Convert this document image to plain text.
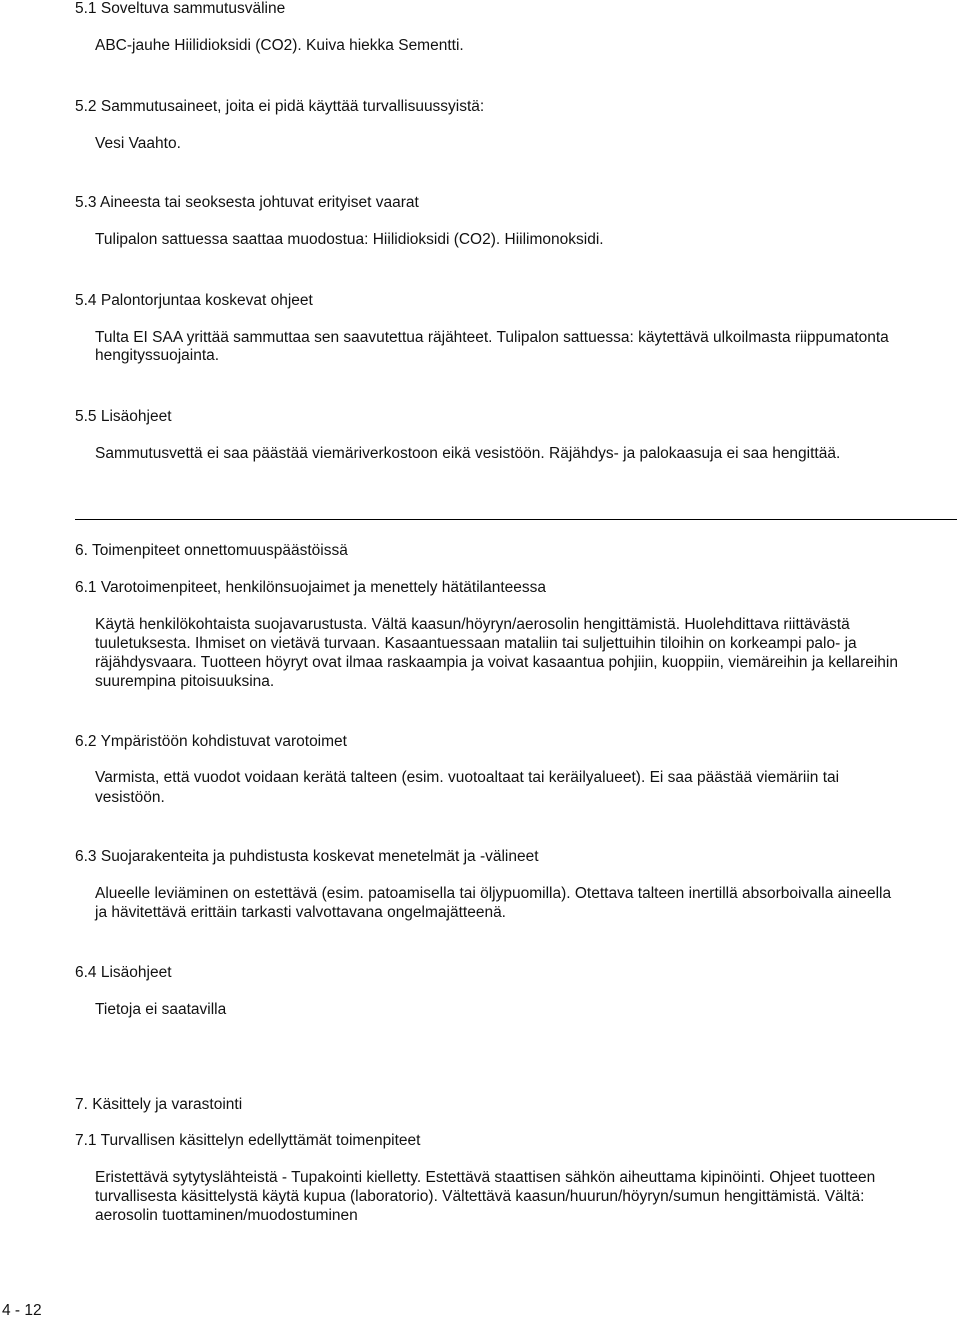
5.1 Soveltuva sammutusväline

ABC-jauhe Hiilidioksidi (CO2). Kuiva hiekka Sementti.

5.2 Sammutusaineet, joita ei pidä käyttää turvallisuussyistä:

Vesi Vaahto.

5.3 Aineesta tai seoksesta johtuvat erityiset vaarat

Tulipalon sattuessa saattaa muodostua: Hiilidioksidi (CO2). Hiilimonoksidi.

5.4 Palontorjuntaa koskevat ohjeet

Tulta EI SAA yrittää sammuttaa sen saavutettua räjähteet. Tulipalon sattuessa: käytettävä ulkoilmasta riippumatonta

hengityssuojainta.

5.5 Lisäohjeet

Sammutusvettä ei saa päästää viemäriverkostoon eikä vesistöön. Räjähdys- ja palokaasuja ei saa hengittää.

6. Toimenpiteet onnettomuuspäästöissä

6.1 Varotoimenpiteet, henkilönsuojaimet ja menettely hätätilanteessa

Käytä henkilökohtaista suojavarustusta. Vältä kaasun/höyryn/aerosolin hengittämistä. Huolehdittava riittävästä

tuuletuksesta. Ihmiset on vietävä turvaan. Kasaantuessaan mataliin tai suljettuihin tiloihin on korkeampi palo- ja

räjähdysvaara. Tuotteen höyryt ovat ilmaa raskaampia ja voivat kasaantua pohjiin, kuoppiin, viemäreihin ja kellareihin

suurempina pitoisuuksina.

6.2 Ympäristöön kohdistuvat varotoimet

Varmista, että vuodot voidaan kerätä talteen (esim. vuotoaltaat tai keräilyalueet). Ei saa päästää viemäriin tai

vesistöön.

6.3 Suojarakenteita ja puhdistusta koskevat menetelmät ja -välineet

Alueelle leviäminen on estettävä (esim. patoamisella tai öljypuomilla). Otettava talteen inertillä absorboivalla aineella

ja hävitettävä erittäin tarkasti valvottavana ongelmajätteenä.

6.4 Lisäohjeet

Tietoja ei saatavilla

7. Käsittely ja varastointi

7.1 Turvallisen käsittelyn edellyttämät toimenpiteet

Eristettävä sytytyslähteistä - Tupakointi kielletty. Estettävä staattisen sähkön aiheuttama kipinöinti. Ohjeet tuotteen

turvallisesta käsittelystä käytä kupua (laboratorio). Vältettävä kaasun/huurun/höyryn/sumun hengittämistä. Vältä:

aerosolin tuottaminen/muodostuminen

4 - 12
